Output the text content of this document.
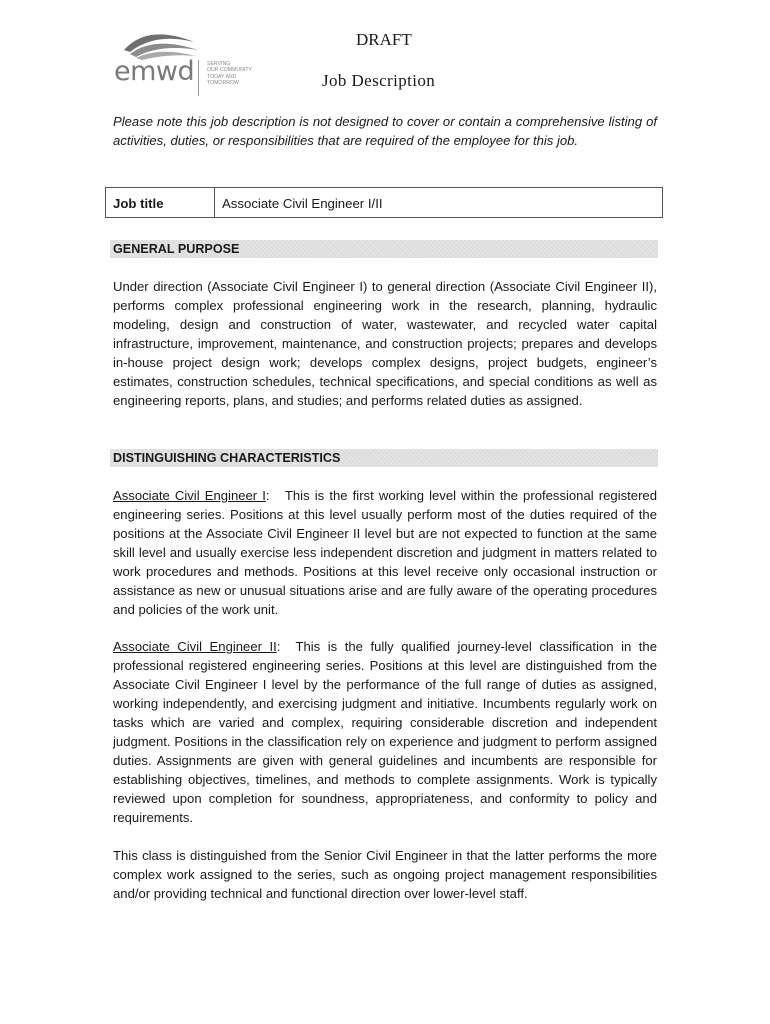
emwd SERVING
OUR COMMUNITY
TODAY AND
TOMORROW
DRAFT
Job Description
Please note this job description is not designed to cover or contain a comprehensive listing of activities, duties, or responsibilities that are required of the employee for this job.
Job title	Associate Civil Engineer I/II
GENERAL PURPOSE
Under direction (Associate Civil Engineer I) to general direction (Associate Civil Engineer II), performs complex professional engineering work in the research, planning, hydraulic modeling, design and construction of water, wastewater, and recycled water capital infrastructure, improvement, maintenance, and construction projects; prepares and develops in-house project design work; develops complex designs, project budgets, engineer’s estimates, construction schedules, technical specifications, and special conditions as well as engineering reports, plans, and studies; and performs related duties as assigned.
DISTINGUISHING CHARACTERISTICS
Associate Civil Engineer I:   This is the first working level within the professional registered engineering series. Positions at this level usually perform most of the duties required of the positions at the Associate Civil Engineer II level but are not expected to function at the same skill level and usually exercise less independent discretion and judgment in matters related to work procedures and methods. Positions at this level receive only occasional instruction or assistance as new or unusual situations arise and are fully aware of the operating procedures and policies of the work unit.
Associate Civil Engineer II:  This is the fully qualified journey-level classification in the professional registered engineering series. Positions at this level are distinguished from the Associate Civil Engineer I level by the performance of the full range of duties as assigned, working independently, and exercising judgment and initiative. Incumbents regularly work on tasks which are varied and complex, requiring considerable discretion and independent judgment. Positions in the classification rely on experience and judgment to perform assigned duties. Assignments are given with general guidelines and incumbents are responsible for establishing objectives, timelines, and methods to complete assignments. Work is typically reviewed upon completion for soundness, appropriateness, and conformity to policy and requirements.
This class is distinguished from the Senior Civil Engineer in that the latter performs the more complex work assigned to the series, such as ongoing project management responsibilities and/or providing technical and functional direction over lower-level staff.
